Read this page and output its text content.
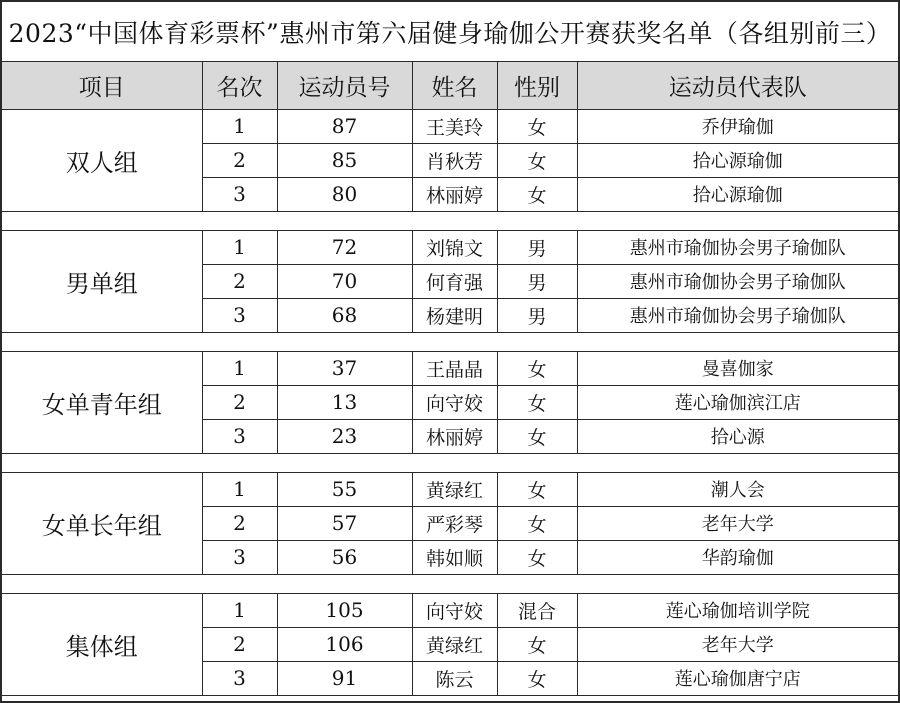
2023“中国体育彩票杯”惠州市第六届健身瑜伽公开赛获奖名单（各组别前三）
项目	名次	运动员号	姓名	性别	运动员代表队
双人组	1	87	王美玲	女	乔伊瑜伽
	2	85	肖秋芳	女	拾心源瑜伽
	3	80	林丽婷	女	拾心源瑜伽

男单组	1	72	刘锦文	男	惠州市瑜伽协会男子瑜伽队
	2	70	何育强	男	惠州市瑜伽协会男子瑜伽队
	3	68	杨建明	男	惠州市瑜伽协会男子瑜伽队

女单青年组	1	37	王晶晶	女	曼喜伽家
	2	13	向守姣	女	莲心瑜伽滨江店
	3	23	林丽婷	女	拾心源

女单长年组	1	55	黄绿红	女	潮人会
	2	57	严彩琴	女	老年大学
	3	56	韩如顺	女	华韵瑜伽

集体组	1	105	向守姣	混合	莲心瑜伽培训学院
	2	106	黄绿红	女	老年大学
	3	91	陈云	女	莲心瑜伽唐宁店
